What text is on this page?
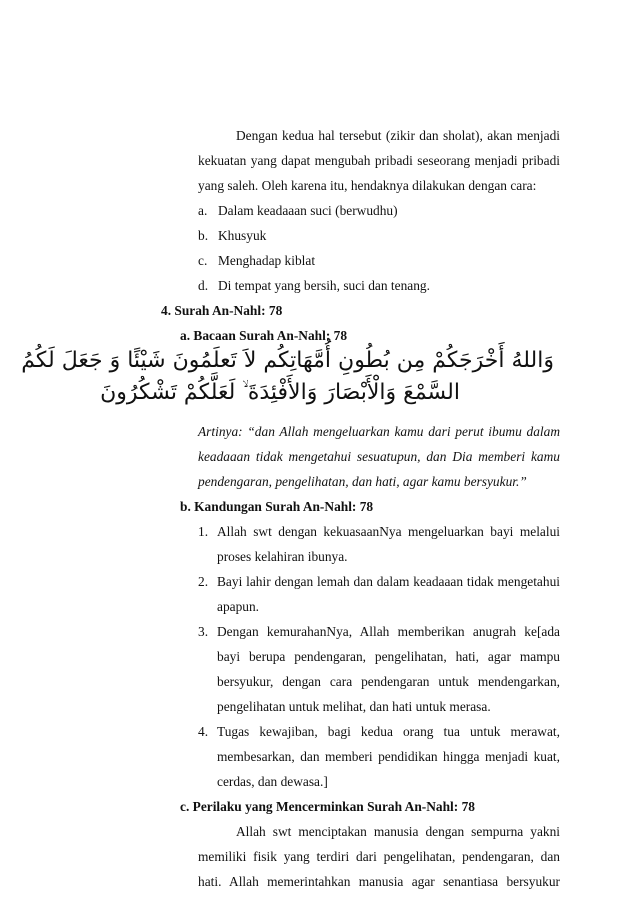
Dengan kedua hal tersebut (zikir dan sholat), akan menjadi
kekuatan yang dapat mengubah pribadi seseorang menjadi pribadi
yang saleh. Oleh karena itu, hendaknya dilakukan dengan cara:
a. Dalam keadaaan suci (berwudhu)
b. Khusyuk
c. Menghadap kiblat
d. Di tempat yang bersih, suci dan tenang.
4. Surah An-Nahl: 78
a. Bacaan Surah An-Nahl: 78
وَاللهُ أَخْرَجَكُمْ مِن بُطُونِ أُمَّهَاتِكُم لاَ تَعلَمُونَ شَيْئًا وَ جَعَلَ لَكُمُ
السَّمْعَ وَالْأَبْصَارَ وَالأَفْئِدَةَ ۙ لَعَلَّكُمْ تَشْكُرُونَ
Artinya: “dan Allah mengeluarkan kamu dari perut ibumu dalam
keadaaan tidak mengetahui sesuatupun, dan Dia memberi kamu
pendengaran, pengelihatan, dan hati, agar kamu bersyukur.”
b. Kandungan Surah An-Nahl: 78
1. Allah swt dengan kekuasaanNya mengeluarkan bayi melalui
proses kelahiran ibunya.
2. Bayi lahir dengan lemah dan dalam keadaaan tidak mengetahui
apapun.
3. Dengan kemurahanNya, Allah memberikan anugrah ke[ada
bayi berupa pendengaran, pengelihatan, hati, agar mampu
bersyukur, dengan cara pendengaran untuk mendengarkan,
pengelihatan untuk melihat, dan hati untuk merasa.
4. Tugas kewajiban, bagi kedua orang tua untuk merawat,
membesarkan, dan memberi pendidikan hingga menjadi kuat,
cerdas, dan dewasa.]
c. Perilaku yang Mencerminkan Surah An-Nahl: 78
Allah swt menciptakan manusia dengan sempurna yakni
memiliki fisik yang terdiri dari pengelihatan, pendengaran, dan
hati. Allah memerintahkan manusia agar senantiasa bersyukur
